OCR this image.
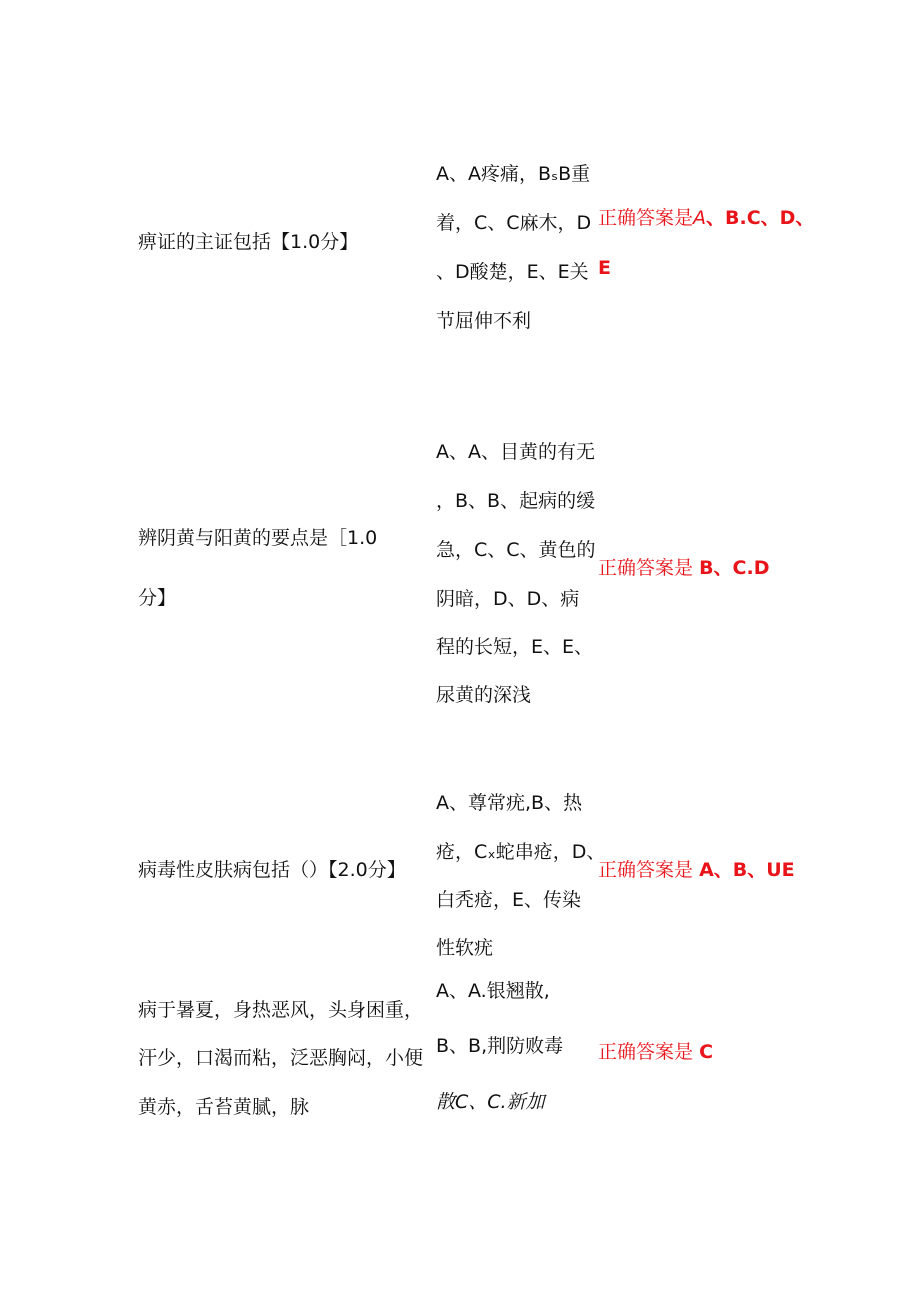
痹证的主证包括【1.0分】
A、A疼痛，BₛB重
着，C、C麻木，D
、D酸楚，E、E关
节屈伸不利
正确答案是A、B.C、D、
E
辨阴黄与阳黄的要点是［1.0
分】
A、A、目黄的有无
，B、B、起病的缓
急，C、C、黄色的
阴暗，D、D、病
程的长短，E、E、
尿黄的深浅
正确答案是 B、C.D
病毒性皮肤病包括（）【2.0分】
A、尊常疣,B、热
疮，Cₓ蛇串疮，D、
白秃疮，E、传染
性软疣
正确答案是 A、B、UE
病于暑夏，身热恶风，头身困重，
汗少，口渴而粘，泛恶胸闷，小便
黄赤，舌苔黄腻，脉
A、A.银翘散,
B、B,荆防败毒
散C、C.新加
正确答案是 C
